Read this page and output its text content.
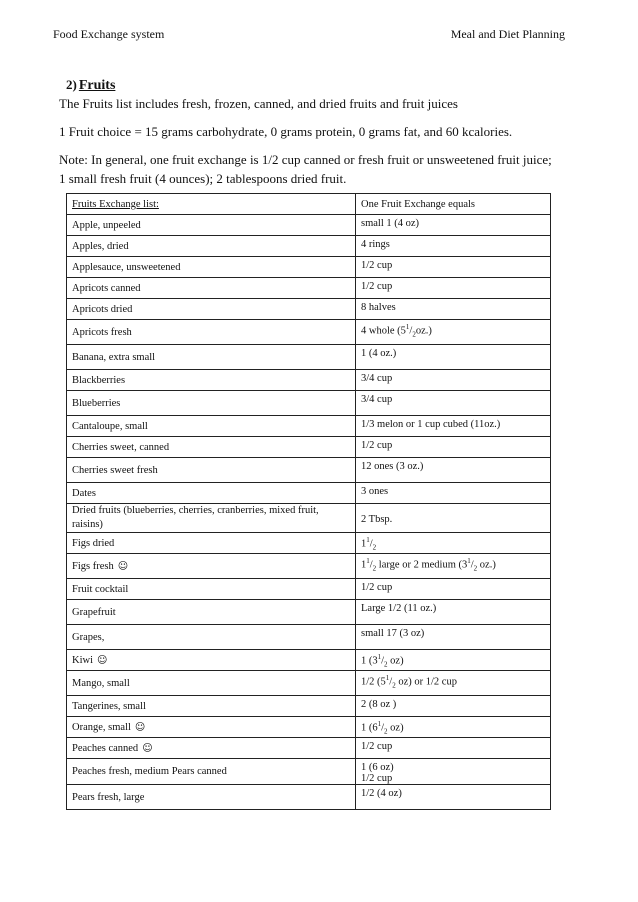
Food Exchange system	Meal and Diet Planning
2) Fruits
The Fruits list includes fresh, frozen, canned, and dried fruits and fruit juices
1 Fruit choice = 15 grams carbohydrate, 0 grams protein, 0 grams fat, and 60 kcalories.
Note: In general, one fruit exchange is 1/2 cup canned or fresh fruit or unsweetened fruit juice; 1 small fresh fruit (4 ounces); 2 tablespoons dried fruit.
Fruits Exchange list:	One Fruit Exchange equals
Apple, unpeeled	small 1 (4 oz)
Apples, dried	4 rings
Applesauce, unsweetened	1/2 cup
Apricots canned	1/2 cup
Apricots dried	8 halves
Apricots fresh	4 whole $(5^1/_2oz.)$
Banana, extra small	1 (4 oz.)
Blackberries	3/4 cup
Blueberries	3/4 cup
Cantaloupe, small	1/3 melon or 1 cup cubed (11oz.)
Cherries sweet, canned	1/2 cup
Cherries sweet fresh	12 ones (3 oz.)
Dates	3 ones
Dried fruits (blueberries, cherries, cranberries, mixed fruit, raisins)	2 Tbsp.
Figs dried	$1^1/_2$
Figs fresh ☺	$1^1/_2$ large or 2 medium ($3^1/_2$ oz.)
Fruit cocktail	1/2 cup
Grapefruit	Large 1/2 (11 oz.)
Grapes,	small 17 (3 oz)
Kiwi ☺	1 ($3^1/_2$ oz)
Mango, small	1/2 ($5^1/_2$ oz) or 1/2 cup
Tangerines, small	2 (8 oz )
Orange, small ☺	1 ($6^1/_2$ oz)
Peaches canned ☺	1/2 cup
Peaches fresh, medium Pears canned	1 (6 oz)
1/2 cup
Pears fresh, large	1/2 (4 oz)
